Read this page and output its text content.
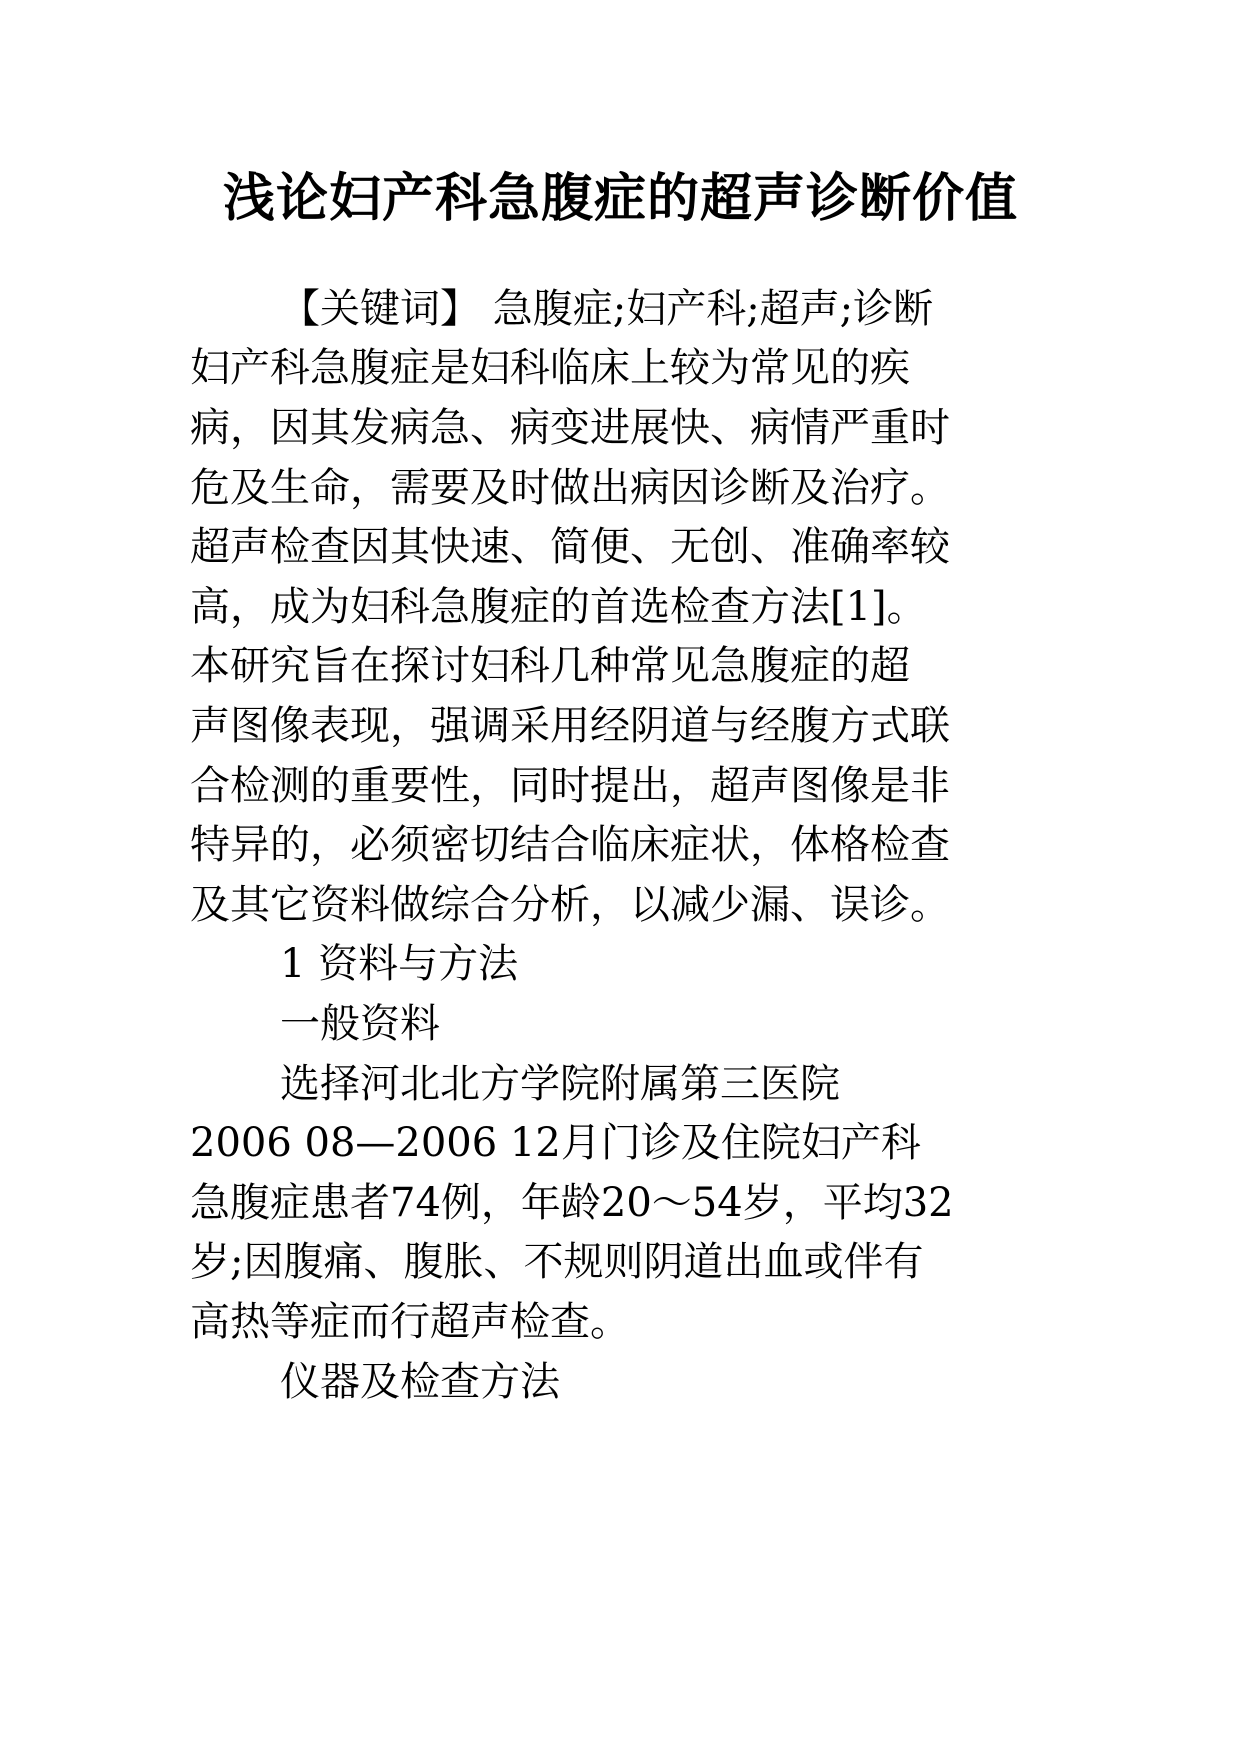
浅论妇产科急腹症的超声诊断价值
【关键词】 急腹症;妇产科;超声;诊断
妇产科急腹症是妇科临床上较为常见的疾
病，因其发病急、病变进展快、病情严重时
危及生命，需要及时做出病因诊断及治疗。
超声检查因其快速、简便、无创、准确率较
高，成为妇科急腹症的首选检查方法[1]。
本研究旨在探讨妇科几种常见急腹症的超
声图像表现，强调采用经阴道与经腹方式联
合检测的重要性，同时提出，超声图像是非
特异的，必须密切结合临床症状，体格检查
及其它资料做综合分析，以减少漏、误诊。
1 资料与方法
一般资料
选择河北北方学院附属第三医院
2006 08—2006 12月门诊及住院妇产科
急腹症患者74例，年龄20～54岁，平均32
岁;因腹痛、腹胀、不规则阴道出血或伴有
高热等症而行超声检查。
仪器及检查方法
